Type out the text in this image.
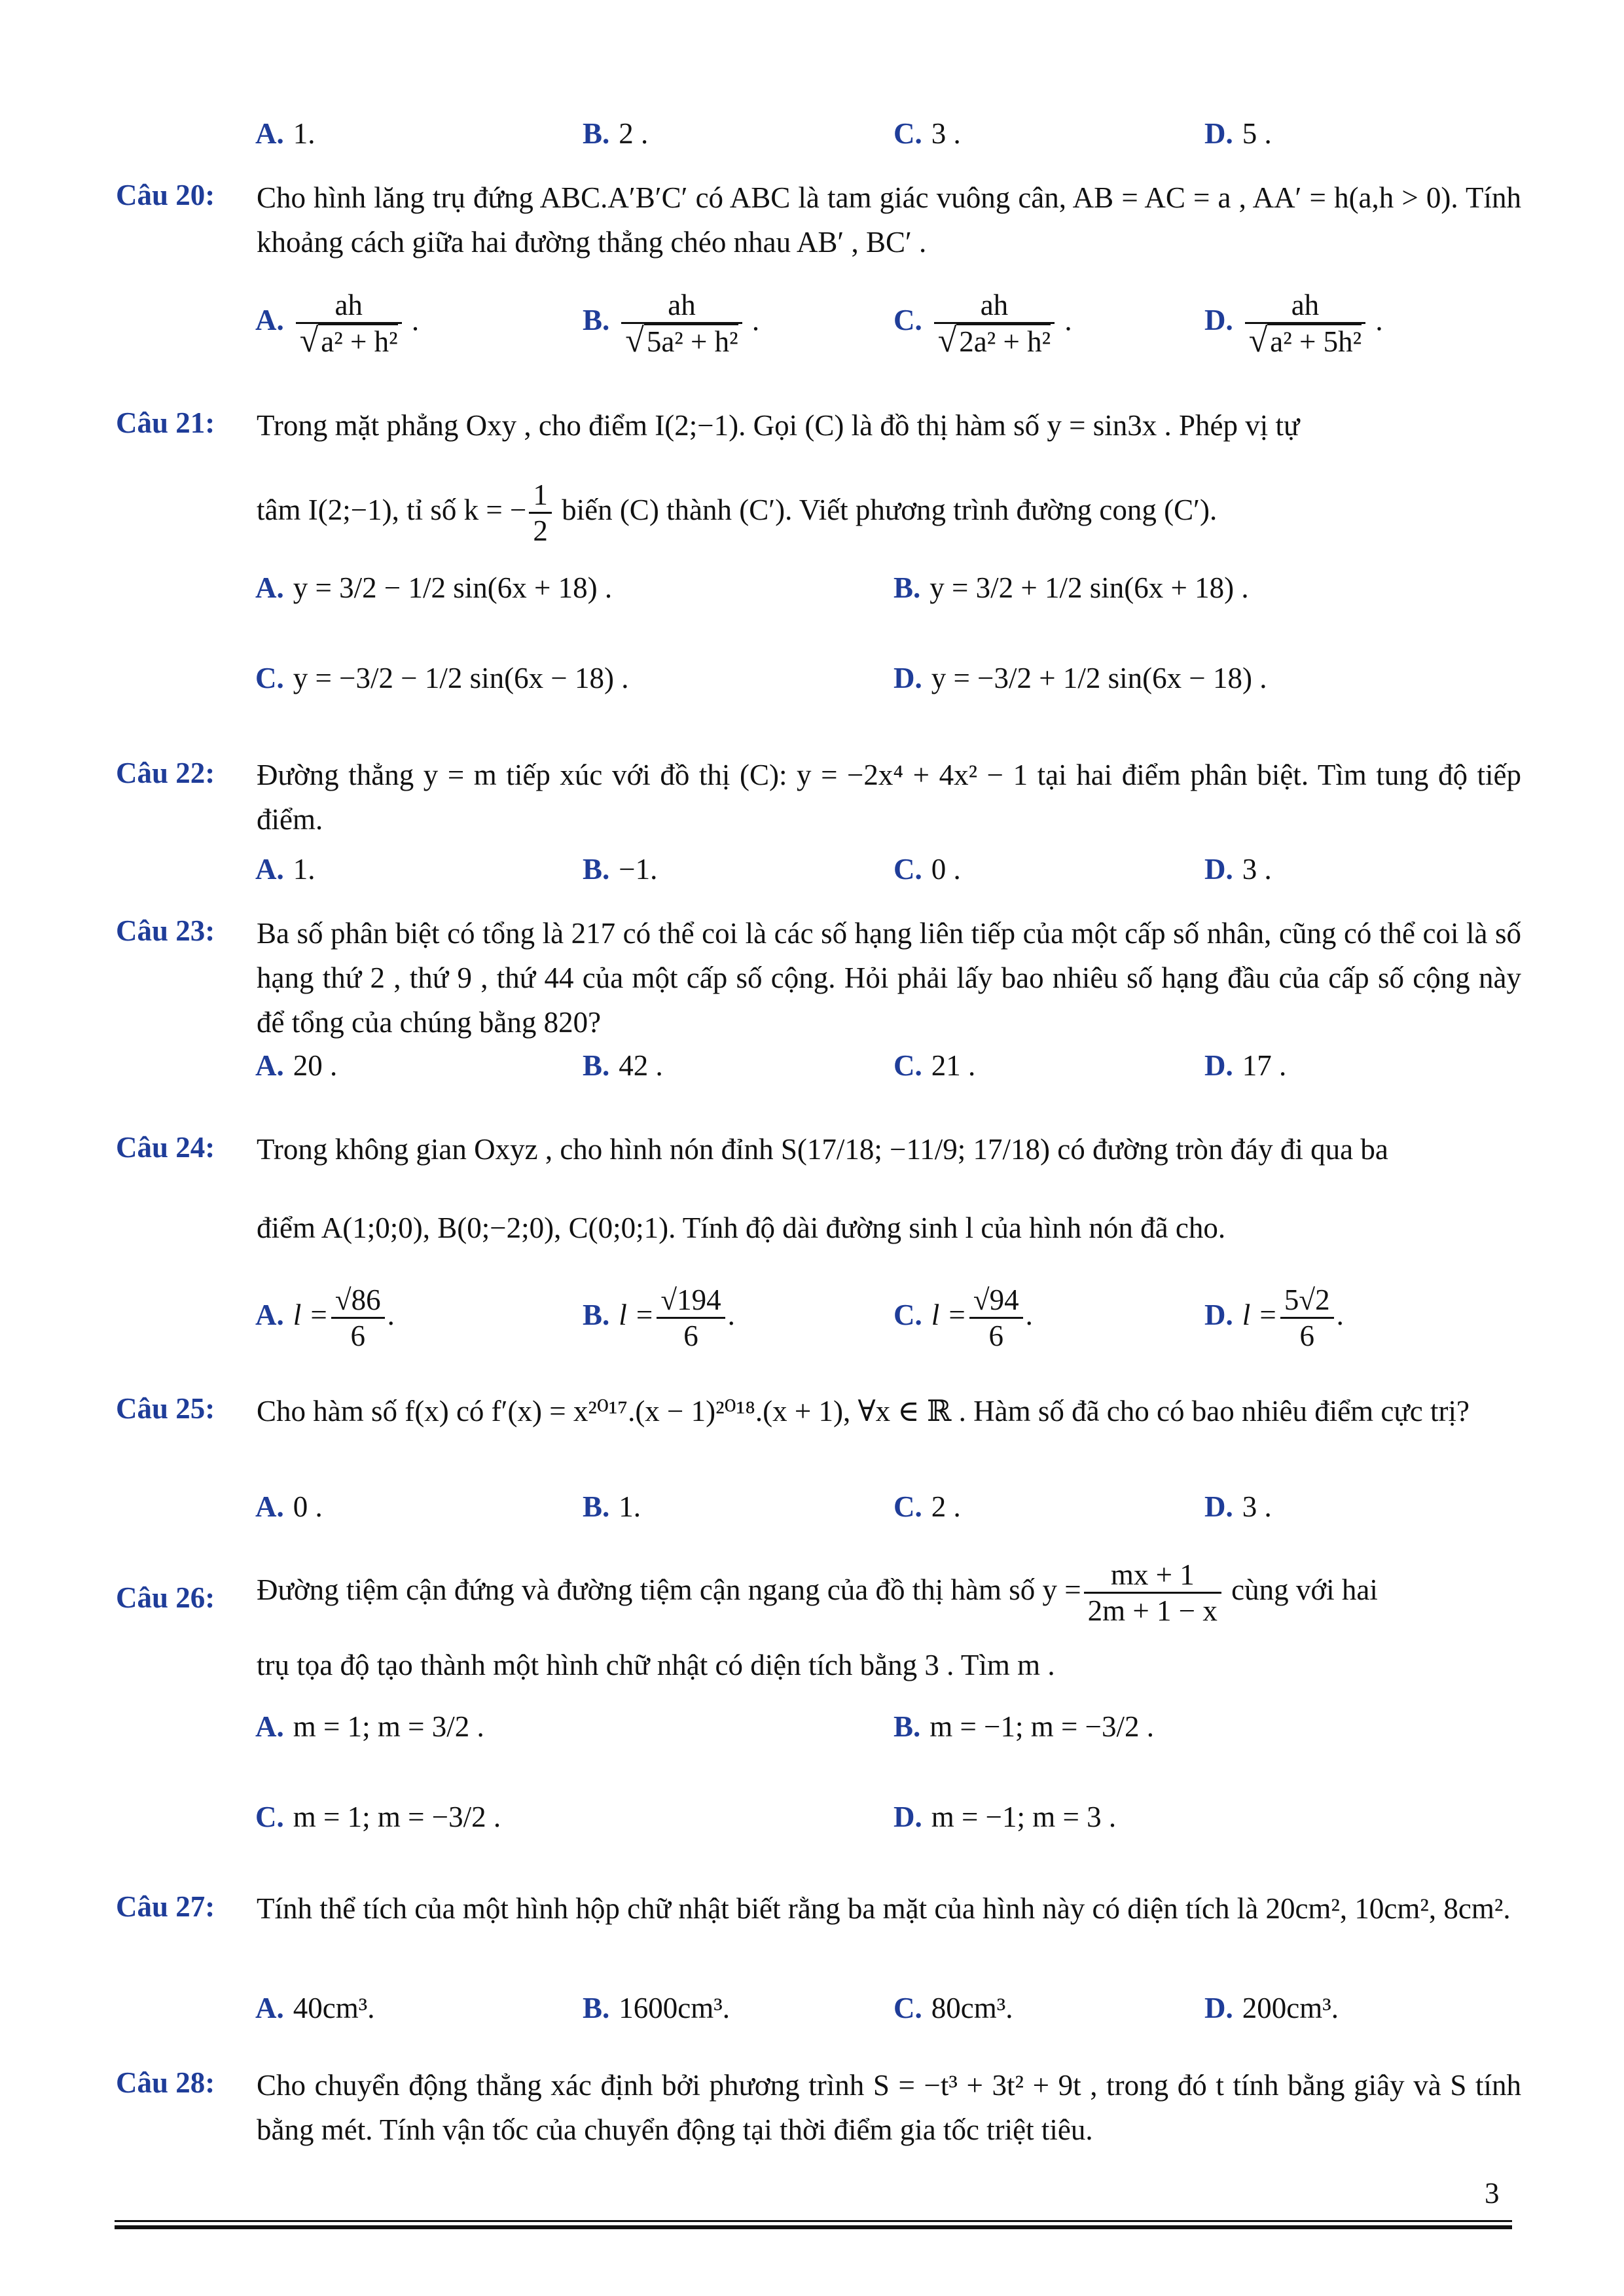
A. 1.	B. 2 .	C. 3 .	D. 5 .
Câu 20: Cho hình lăng trụ đứng ABC.A′B′C′ có ABC là tam giác vuông cân, AB = AC = a , AA′ = h(a,h > 0). Tính khoảng cách giữa hai đường thẳng chéo nhau AB′ , BC′ .
A. $\frac{ah}{\text{√a² + h²}}$ .	B. $\frac{ah}{\text{√5a² + h²}}$ .	C. $\frac{ah}{\text{√2a² + h²}}$ .	D. $\frac{ah}{\text{√a² + 5h²}}$ .
Câu 21: Trong mặt phẳng Oxy , cho điểm I(2;−1). Gọi (C) là đồ thị hàm số y = sin3x . Phép vị tự
tâm I(2;−1), tỉ số k = − $\frac{1}{2}$ biến (C) thành (C′). Viết phương trình đường cong (C′).
A. y = 3/2 − 1/2 sin(6x + 18) .	B. y = 3/2 + 1/2 sin(6x + 18) .
C. y = −3/2 − 1/2 sin(6x − 18) .	D. y = −3/2 + 1/2 sin(6x − 18) .
Câu 22: Đường thẳng y = m tiếp xúc với đồ thị (C): y = −2x⁴ + 4x² − 1 tại hai điểm phân biệt. Tìm tung độ tiếp điểm.
A. 1.	B. −1.	C. 0 .	D. 3 .
Câu 23: Ba số phân biệt có tổng là 217 có thể coi là các số hạng liên tiếp của một cấp số nhân, cũng có thể coi là số hạng thứ 2 , thứ 9 , thứ 44 của một cấp số cộng. Hỏi phải lấy bao nhiêu số hạng đầu của cấp số cộng này để tổng của chúng bằng 820?
A. 20 .	B. 42 .	C. 21 .	D. 17 .
Câu 24: Trong không gian Oxyz , cho hình nón đỉnh S(17/18; −11/9; 17/18) có đường tròn đáy đi qua ba
điểm A(1;0;0), B(0;−2;0), C(0;0;1). Tính độ dài đường sinh l của hình nón đã cho.
A. $l = \frac{√86}{6}$ .	B. $l = \frac{√194}{6}$ .	C. $l = \frac{√94}{6}$ .	D. $l = \frac{5√2}{6}$ .
Câu 25: Cho hàm số f(x) có f′(x) = x²⁰¹⁷.(x − 1)²⁰¹⁸.(x + 1), ∀x ∈ ℝ . Hàm số đã cho có bao nhiêu điểm cực trị?
A. 0 .	B. 1.	C. 2 .	D. 3 .
Câu 26: Đường tiệm cận đứng và đường tiệm cận ngang của đồ thị hàm số $y = \frac{mx + 1}{2m + 1 - x}$ cùng với hai
trụ tọa độ tạo thành một hình chữ nhật có diện tích bằng 3 . Tìm m .
A. m = 1; m = 3/2 .	B. m = −1; m = −3/2 .
C. m = 1; m = −3/2 .	D. m = −1; m = 3 .
Câu 27: Tính thể tích của một hình hộp chữ nhật biết rằng ba mặt của hình này có diện tích là 20cm², 10cm², 8cm².
A. 40cm³.	B. 1600cm³.	C. 80cm³.	D. 200cm³.
Câu 28: Cho chuyển động thẳng xác định bởi phương trình S = −t³ + 3t² + 9t , trong đó t tính bằng giây và S tính bằng mét. Tính vận tốc của chuyển động tại thời điểm gia tốc triệt tiêu.
3
